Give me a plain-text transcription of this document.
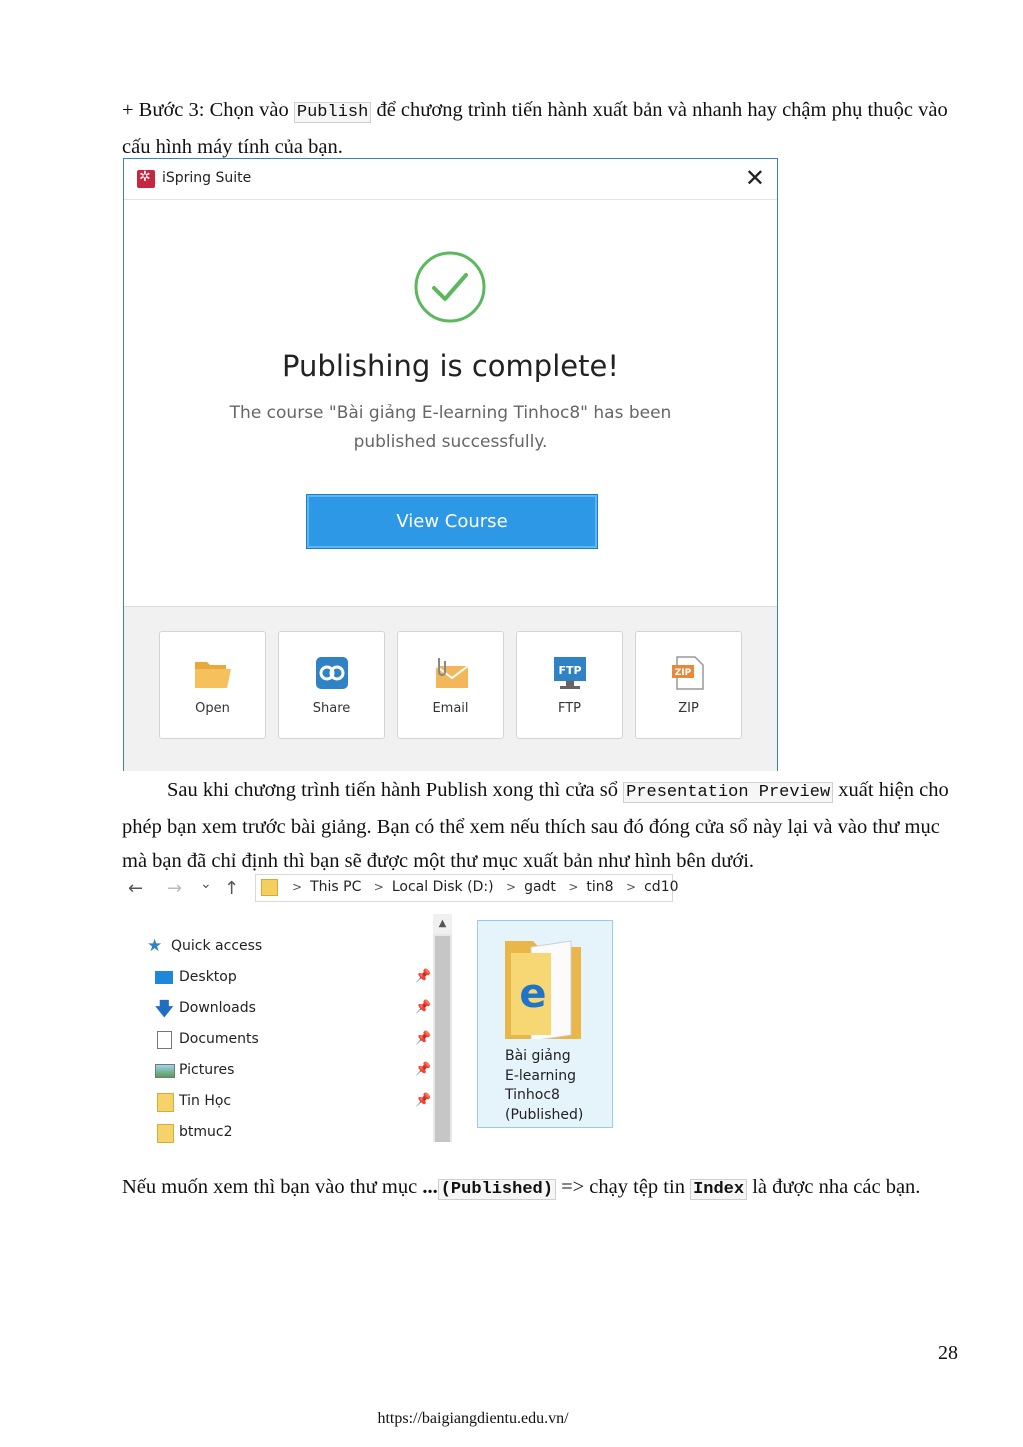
+ Bước 3: Chọn vào Publish để chương trình tiến hành xuất bản và nhanh hay chậm phụ thuộc vào cấu hình máy tính của bạn.

✲
iSpring Suite	✕
Publishing is complete!
The course "Bài giảng E-learning Tinhoc8" has been published successfully.
View Course
Open	Share	Email
FTP
FTP
ZIP
ZIP

Sau khi chương trình tiến hành Publish xong thì cửa sổ Presentation Preview xuất hiện cho phép bạn xem trước bài giảng. Bạn có thể xem nếu thích sau đó đóng cửa sổ này lại và vào thư mục mà bạn đã chỉ định thì bạn sẽ được một thư mục xuất bản như hình bên dưới.

← → ⌄ ↑	> This PC > Local Disk (D:) > gadt > tin8 > cd10
★ Quick access
Desktop	📌
🡇 Downloads	📌
Documents	📌
Pictures	📌
Tin Học	📌
btmuc2
▲
e
Bài giảng
E-learning
Tinhoc8
(Published)

Nếu muốn xem thì bạn vào thư mục ... (Published) => chạy tệp tin Index là được nha các bạn.

28
https://baigiangdientu.edu.vn/
